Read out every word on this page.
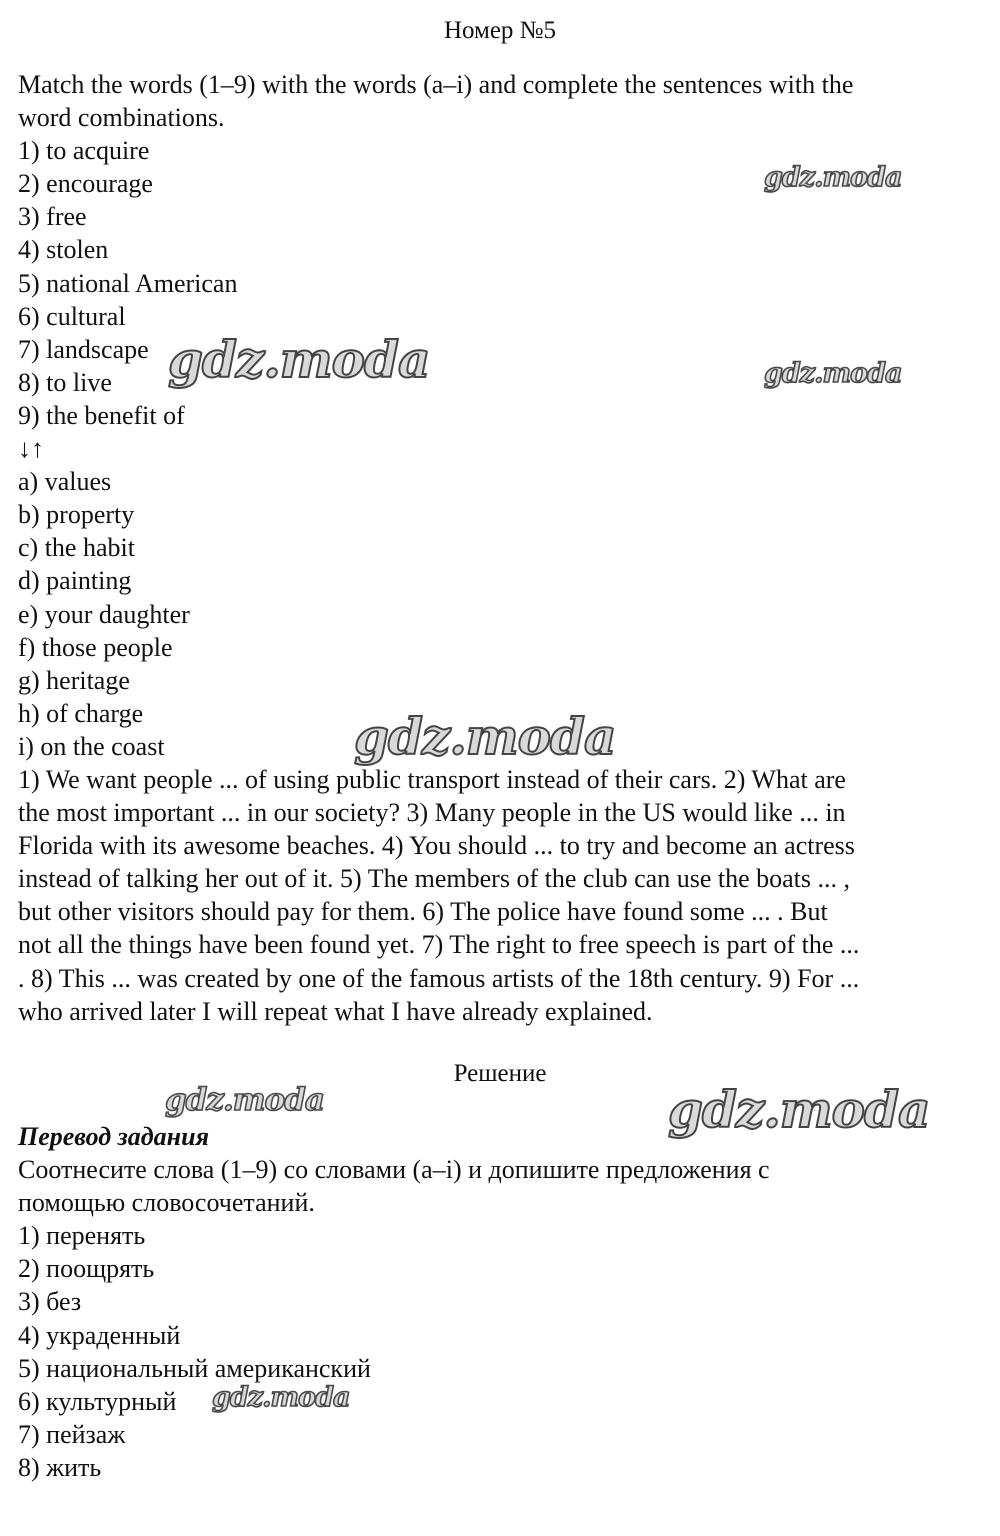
Номер №5
Match the words (1–9) with the words (a–i) and complete the sentences with the
word combinations.
1) to acquire
2) encourage
3) free
4) stolen
5) national American
6) cultural
7) landscape
8) to live
9) the benefit of
↓↑
a) values
b) property
c) the habit
d) painting
e) your daughter
f) those people
g) heritage
h) of charge
i) on the coast
1) We want people ... of using public transport instead of their cars. 2) What are
the most important ... in our society? 3) Many people in the US would like ... in
Florida with its awesome beaches. 4) You should ... to try and become an actress
instead of talking her out of it. 5) The members of the club can use the boats ... ,
but other visitors should pay for them. 6) The police have found some ... . But
not all the things have been found yet. 7) The right to free speech is part of the ...
. 8) This ... was created by one of the famous artists of the 18th century. 9) For ...
who arrived later I will repeat what I have already explained.
Решение
Перевод задания
Соотнесите слова (1–9) со словами (a–i) и допишите предложения с
помощью словосочетаний.
1) перенять
2) поощрять
3) без
4) украденный
5) национальный американский
6) культурный
7) пейзаж
8) жить
gdz.moda
gdz.moda	gdz.moda
gdz.moda
gdz.moda	gdz.moda
gdz.moda
